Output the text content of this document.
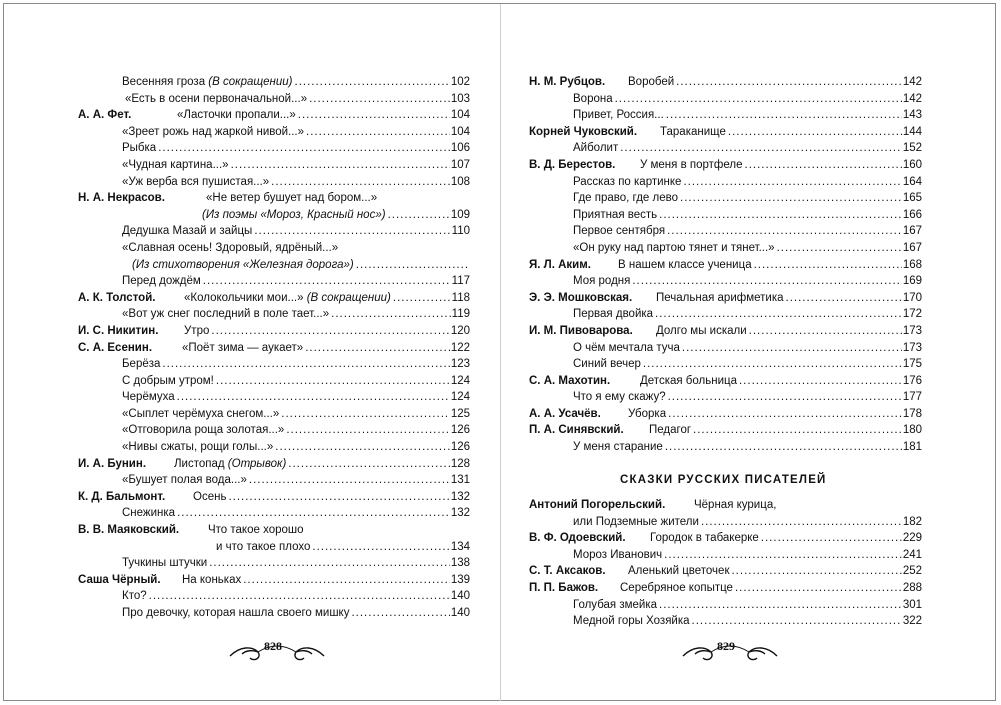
Весенняя гроза (В сокращении) .....	102
«Есть в осени первоначальной...» .....	103
А. А. Фет.	«Ласточки пропали...» .....	104
«Зреет рожь над жаркой нивой...» .....	104
Рыбка .....	106
«Чудная картина...» .....	107
«Уж верба вся пушистая...» .....	108
Н. А. Некрасов.	«Не ветер бушует над бором...»
(Из поэмы «Мороз, Красный нос») .....	109
Дедушка Мазай и зайцы .....	110
«Славная осень! Здоровый, ядрёный...»
(Из стихотворения «Железная дорога»)
.....
Перед дождём .....	117
А. К. Толстой. «Колокольчики мои...» (В сокращении) .....	118
«Вот уж снег последний в поле тает...» .....	119
И. С. Никитин. Утро .....	120
С. А. Есенин.	«Поёт зима — аукает» .....	122
Берёза .....	123
С добрым утром! .....	124
Черёмуха .....	124
«Сыплет черёмуха снегом...» .....	125
«Отговорила роща золотая...» .....	126
«Нивы сжаты, рощи голы...» .....	126
И. А. Бунин. Листопад (Отрывок) .....	128
«Бушует полая вода...» .....	131
К. Д. Бальмонт. Осень .....	132
Снежинка .....	132
В. В. Маяковский.	Что такое хорошо
и что такое плохо .....	134
Тучкины штучки .....	138
Саша Чёрный. На коньках .....	139
Кто? .....	140
Про девочку, которая нашла своего мишку .....	140
Н. М. Рубцов. Воробей .....	142
Ворона .....	142
Привет, Россия... .....	143
Корней Чуковский. Тараканище .....	144
Айболит .....	152
В. Д. Берестов. У меня в портфеле .....	160
Рассказ по картинке .....	164
Где право, где лево .....	165
Приятная весть .....	166
Первое сентября .....	167
«Он руку над партою тянет и тянет...» .....	167
Я. Л. Аким. В нашем классе ученица .....	168
Моя родня .....	169
Э. Э. Мошковская. Печальная арифметика .....	170
Первая двойка .....	172
И. М. Пивоварова. Долго мы искали .....	173
О чём мечтала туча .....	173
Синий вечер .....	175
С. А. Махотин.	Детская больница .....	176
Что я ему скажу? .....	177
А. А. Усачёв. Уборка .....	178
П. А. Синявский. Педагог .....	180
У меня старание .....	181
Антоний Погорельский. Чёрная курица,
или Подземные жители .....	182
В. Ф. Одоевский. Городок в табакерке .....	229
Мороз Иванович .....	241
С. Т. Аксаков. Аленький цветочек .....	252
П. П. Бажов. Серебряное копытце .....	288
Голубая змейка .....	301
Медной горы Хозяйка .....	322
СКАЗКИ РУССКИХ ПИСАТЕЛЕЙ
828	829
